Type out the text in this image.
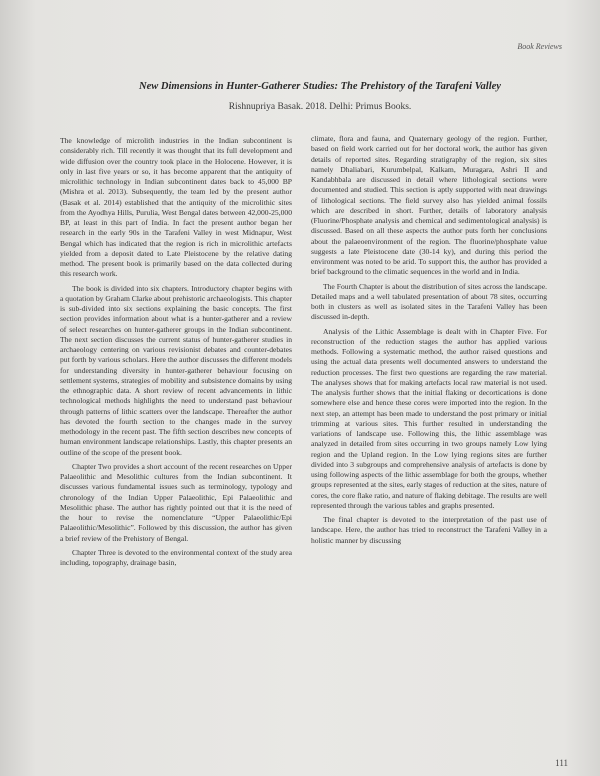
Book Reviews
New Dimensions in Hunter-Gatherer Studies: The Prehistory of the Tarafeni Valley
Rishnupriya Basak. 2018. Delhi: Primus Books.

The knowledge of microlith industries in the Indian subcontinent is considerably rich. Till recently it was thought that its full development and wide diffusion over the country took place in the Holocene. However, it is only in last five years or so, it has become apparent that the antiquity of microlithic technology in Indian subcontinent dates back to 45,000 BP (Mishra et al. 2013). Subsequently, the team led by the present author (Basak et al. 2014) established that the antiquity of the microlithic sites from the Ayodhya Hills, Purulia, West Bengal dates between 42,000-25,000 BP, at least in this part of India. In fact the present author began her research in the early 90s in the Tarafeni Valley in west Midnapur, West Bengal which has indicated that the region is rich in microlithic artefacts yielded from a deposit dated to Late Pleistocene by the relative dating method. The present book is primarily based on the data collected during this research work.

The book is divided into six chapters. Introductory chapter begins with a quotation by Graham Clarke about prehistoric archaeologists. This chapter is sub-divided into six sections explaining the basic concepts. The first section provides information about what is a hunter-gatherer and a review of select researches on hunter-gatherer groups in the Indian subcontinent. The next section discusses the current status of hunter-gatherer studies in archaeology centering on various revisionist debates and counter-debates put forth by various scholars. Here the author discusses the different models for understanding diversity in hunter-gatherer behaviour focusing on settlement systems, strategies of mobility and subsistence domains by using the ethnographic data. A short review of recent advancements in lithic technological methods highlights the need to understand past behaviour through patterns of lithic scatters over the landscape. Thereafter the author has devoted the fourth section to the changes made in the survey methodology in the recent past. The fifth section describes new concepts of human environment landscape relationships. Lastly, this chapter presents an outline of the scope of the present book.

Chapter Two provides a short account of the recent researches on Upper Palaeolithic and Mesolithic cultures from the Indian subcontinent. It discusses various fundamental issues such as terminology, typology and chronology of the Indian Upper Palaeolithic, Epi Palaeolithic and Mesolithic phase. The author has rightly pointed out that it is the need of the hour to revise the nomenclature “Upper Palaeolithic/Epi Palaeolithic/Mesolithic”. Followed by this discussion, the author has given a brief review of the Prehistory of Bengal.

Chapter Three is devoted to the environmental context of the study area including, topography, drainage basin,

climate, flora and fauna, and Quaternary geology of the region. Further, based on field work carried out for her doctoral work, the author has given details of reported sites. Regarding stratigraphy of the region, six sites namely Dhaliabari, Kurumbelpal, Kalkam, Muragara, Ashri II and Kandabhbala are discussed in detail where lithological sections were documented and studied. This section is aptly supported with neat drawings of lithological sections. The field survey also has yielded animal fossils which are described in short. Further, details of laboratory analysis (Fluorine/Phosphate analysis and chemical and sedimentological analysis) is discussed. Based on all these aspects the author puts forth her conclusions about the palaeoenvironment of the region. The fluorine/phosphate value suggests a late Pleistocene date (30-14 ky), and during this period the environment was noted to be arid. To support this, the author has provided a brief background to the climatic sequences in the world and in India.

The Fourth Chapter is about the distribution of sites across the landscape. Detailed maps and a well tabulated presentation of about 78 sites, occurring both in clusters as well as isolated sites in the Tarafeni Valley has been discussed in-depth.

Analysis of the Lithic Assemblage is dealt with in Chapter Five. For reconstruction of the reduction stages the author has applied various methods. Following a systematic method, the author raised questions and using the actual data presents well documented answers to understand the reduction processes. The first two questions are regarding the raw material. The analyses shows that for making artefacts local raw material is not used. The analysis further shows that the initial flaking or decortications is done somewhere else and hence these cores were imported into the region. In the next step, an attempt has been made to understand the post primary or initial trimming at various sites. This further resulted in understanding the variations of landscape use. Following this, the lithic assemblage was analyzed in detailed from sites occurring in two groups namely Low lying region and the Upland region. In the Low lying regions sites are further divided into 3 subgroups and comprehensive analysis of artefacts is done by using following aspects of the lithic assemblage for both the groups, whether groups represented at the sites, early stages of reduction at the sites, nature of cores, the core flake ratio, and nature of flaking debitage. The results are well represented through the various tables and graphs presented.

The final chapter is devoted to the interpretation of the past use of landscape. Here, the author has tried to reconstruct the Tarafeni Valley in a holistic manner by discussing

111
